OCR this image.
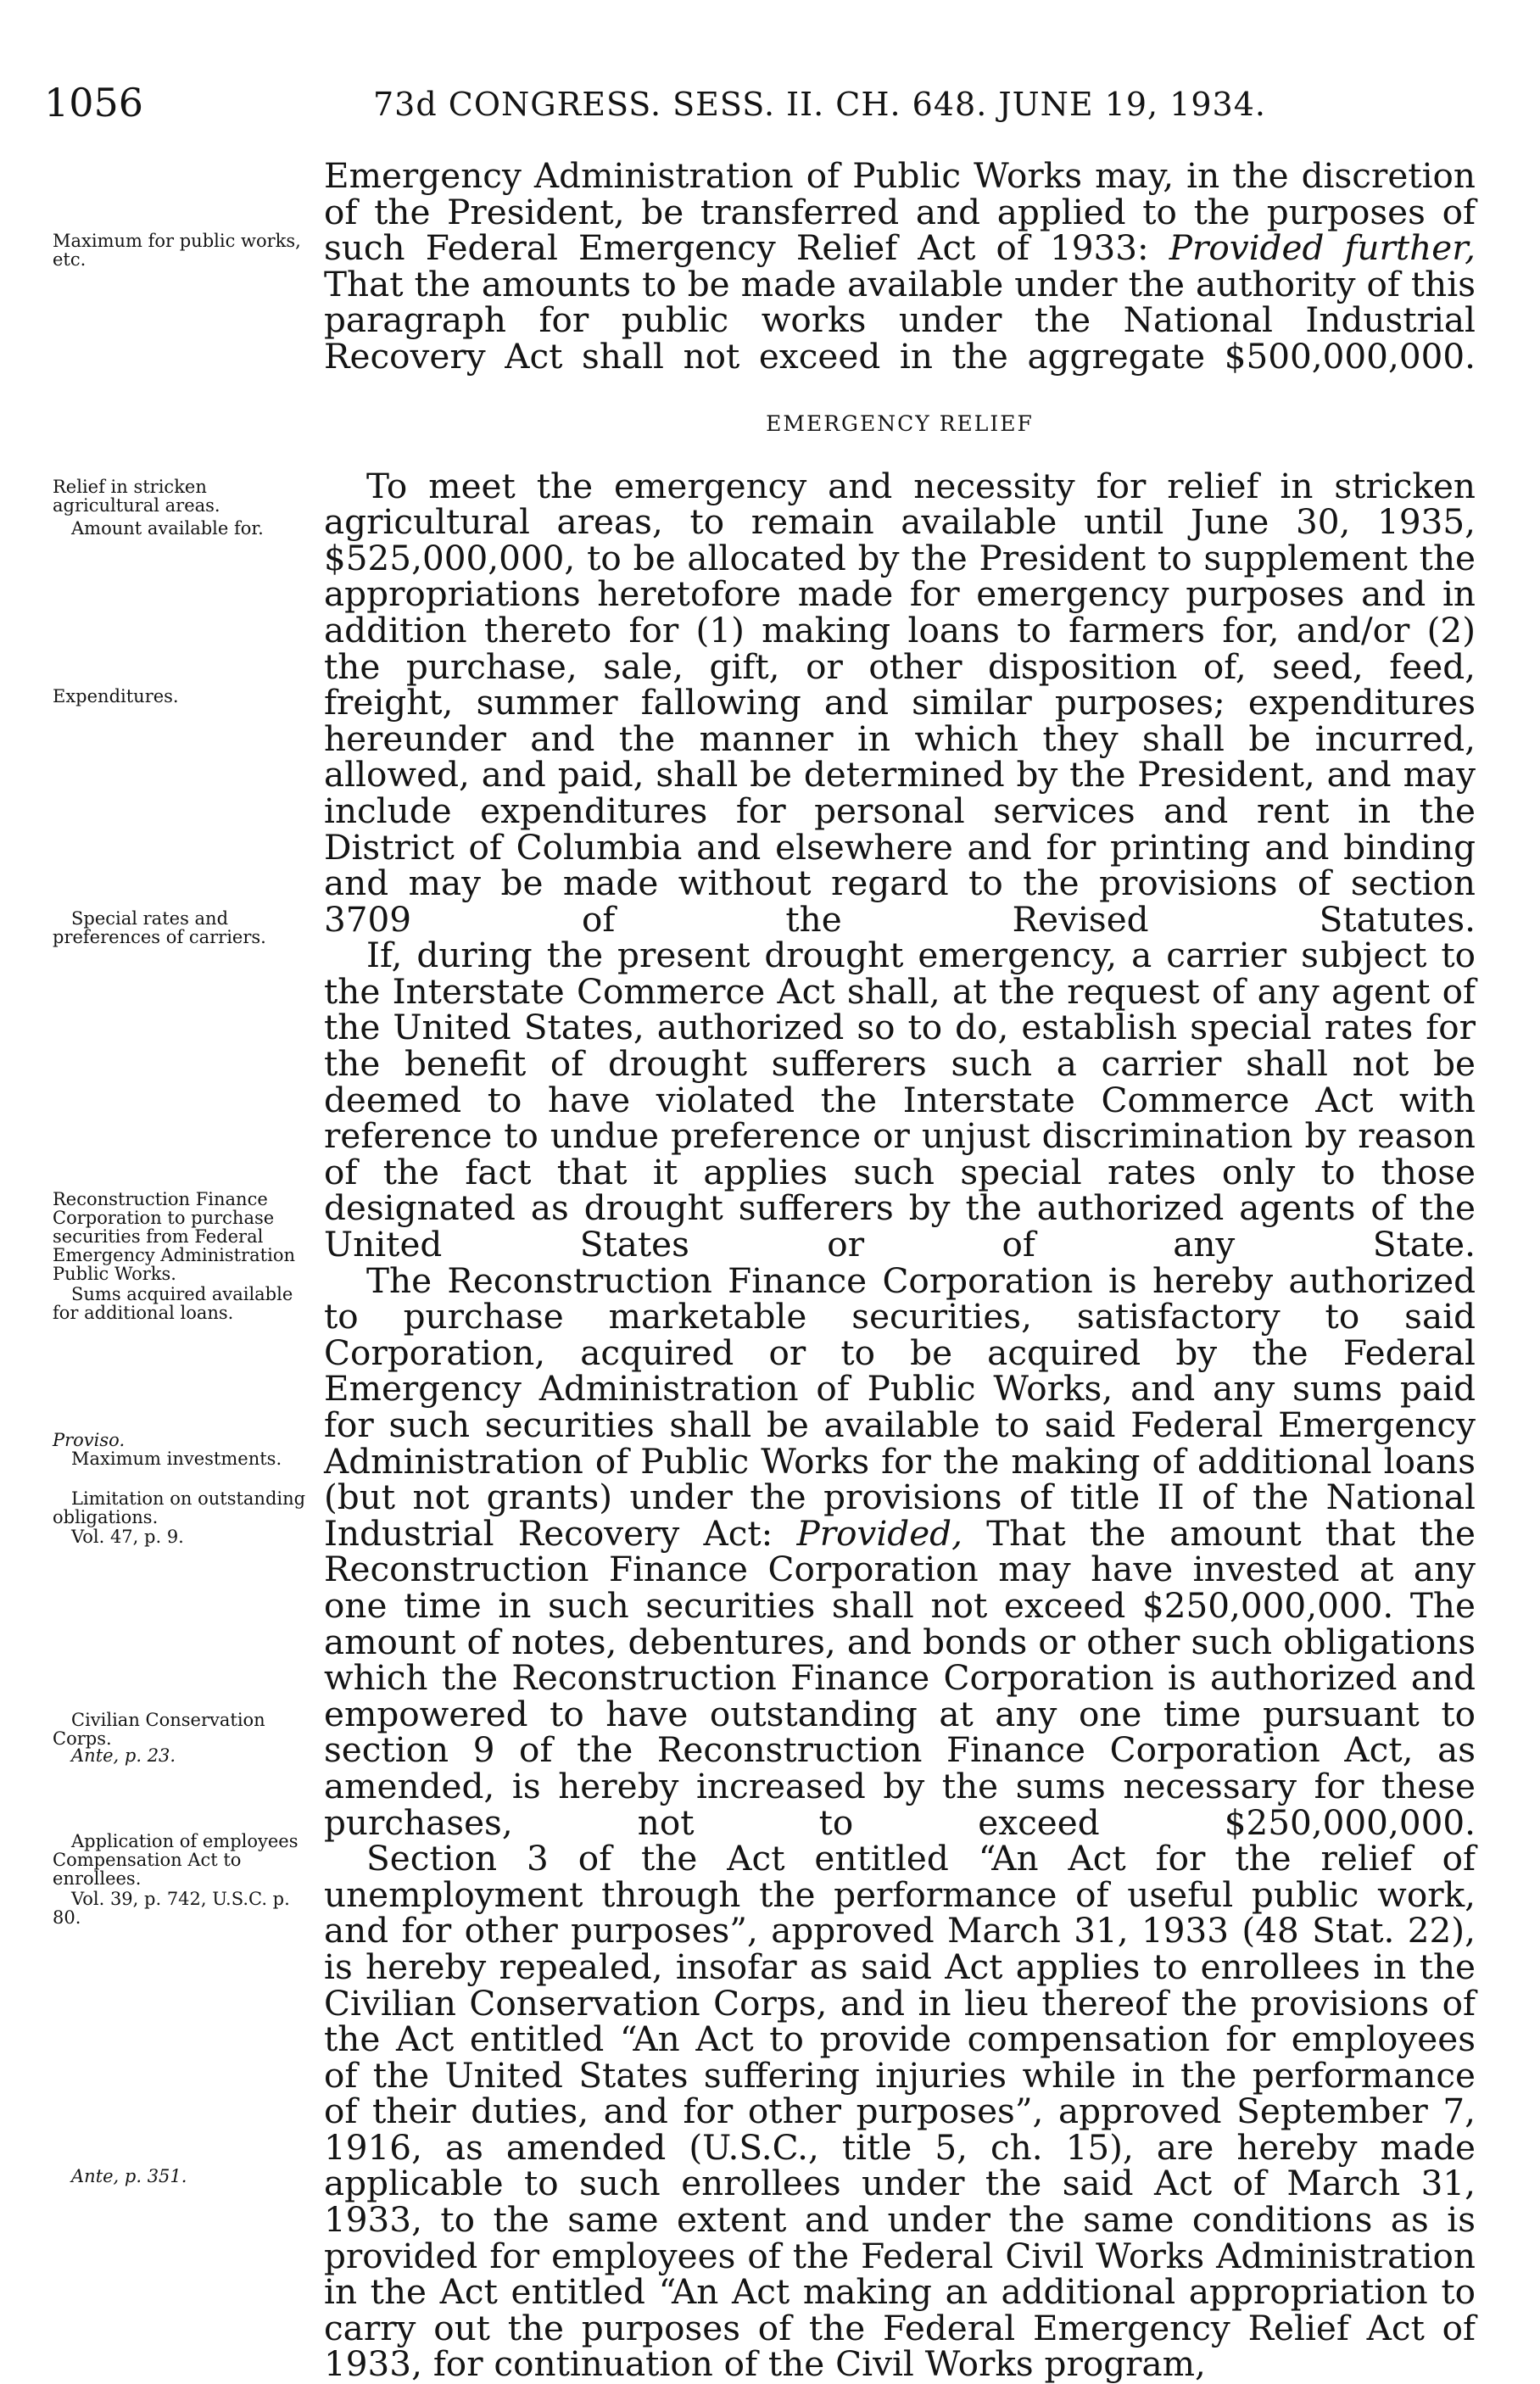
1056	73d CONGRESS. SESS. II. CH. 648. JUNE 19, 1934.
Emergency Administration of Public Works may, in the discretion of the President, be transferred and applied to the purposes of such Federal Emergency Relief Act of 1933: Provided further, That the amounts to be made available under the authority of this paragraph for public works under the National Industrial Recovery Act shall not exceed in the aggregate $500,000,000.
EMERGENCY RELIEF
To meet the emergency and necessity for relief in stricken agricultural areas, to remain available until June 30, 1935, $525,000,000, to be allocated by the President to supplement the appropriations heretofore made for emergency purposes and in addition thereto for (1) making loans to farmers for, and/or (2) the purchase, sale, gift, or other disposition of, seed, feed, freight, summer fallowing and similar purposes; expenditures hereunder and the manner in which they shall be incurred, allowed, and paid, shall be determined by the President, and may include expenditures for personal services and rent in the District of Columbia and elsewhere and for printing and binding and may be made without regard to the provisions of section 3709 of the Revised Statutes.
If, during the present drought emergency, a carrier subject to the Interstate Commerce Act shall, at the request of any agent of the United States, authorized so to do, establish special rates for the benefit of drought sufferers such a carrier shall not be deemed to have violated the Interstate Commerce Act with reference to undue preference or unjust discrimination by reason of the fact that it applies such special rates only to those designated as drought sufferers by the authorized agents of the United States or of any State.
The Reconstruction Finance Corporation is hereby authorized to purchase marketable securities, satisfactory to said Corporation, acquired or to be acquired by the Federal Emergency Administration of Public Works, and any sums paid for such securities shall be available to said Federal Emergency Administration of Public Works for the making of additional loans (but not grants) under the provisions of title II of the National Industrial Recovery Act: Provided, That the amount that the Reconstruction Finance Corporation may have invested at any one time in such securities shall not exceed $250,000,000. The amount of notes, debentures, and bonds or other such obligations which the Reconstruction Finance Corporation is authorized and empowered to have outstanding at any one time pursuant to section 9 of the Reconstruction Finance Corporation Act, as amended, is hereby increased by the sums necessary for these purchases, not to exceed $250,000,000.
Section 3 of the Act entitled “An Act for the relief of unemployment through the performance of useful public work, and for other purposes”, approved March 31, 1933 (48 Stat. 22), is hereby repealed, insofar as said Act applies to enrollees in the Civilian Conservation Corps, and in lieu thereof the provisions of the Act entitled “An Act to provide compensation for employees of the United States suffering injuries while in the performance of their duties, and for other purposes”, approved September 7, 1916, as amended (U.S.C., title 5, ch. 15), are hereby made applicable to such enrollees under the said Act of March 31, 1933, to the same extent and under the same conditions as is provided for employees of the Federal Civil Works Administration in the Act entitled “An Act making an additional appropriation to carry out the purposes of the Federal Emergency Relief Act of 1933, for continuation of the Civil Works program,
Maximum for public works, etc.
Relief in stricken agricultural areas.
Amount available for.
Expenditures.
Special rates and preferences of carriers.
Reconstruction Finance Corporation to purchase securities from Federal Emergency Administration Public Works.
Sums acquired available for additional loans.
Proviso.
Maximum investments.
Limitation on outstanding obligations.
Vol. 47, p. 9.
Civilian Conservation Corps.
Ante, p. 23.
Application of employees Compensation Act to enrollees.
Vol. 39, p. 742, U.S.C. p. 80.
Ante, p. 351.
